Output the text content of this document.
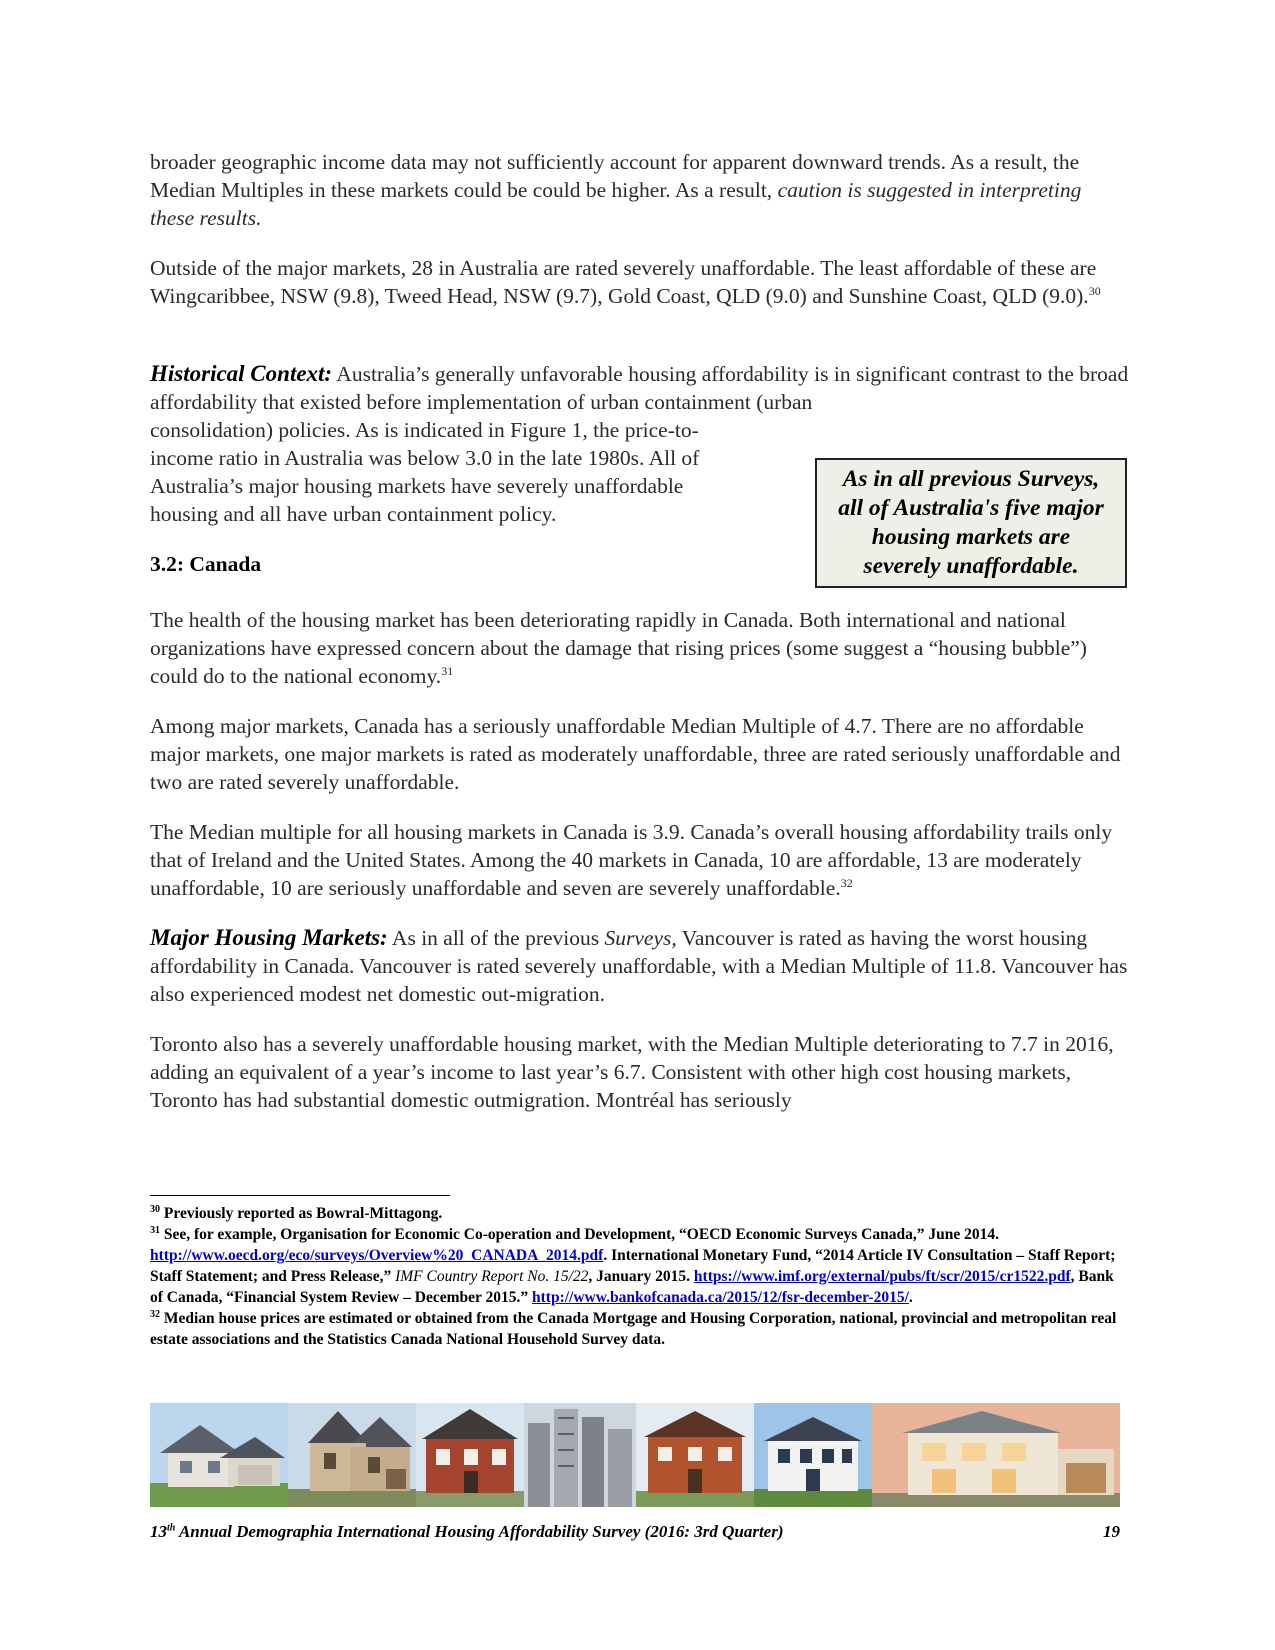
broader geographic income data may not sufficiently account for apparent downward trends. As a result, the Median Multiples in these markets could be could be higher. As a result, caution is suggested in interpreting these results.

Outside of the major markets, 28 in Australia are rated severely unaffordable. The least affordable of these are Wingcaribbee, NSW (9.8), Tweed Head, NSW (9.7), Gold Coast, QLD (9.0) and Sunshine Coast, QLD (9.0).$^{30}$

Historical Context: Australia’s generally unfavorable housing affordability is in significant contrast to the broad affordability that existed before implementation of urban containment (urban

consolidation) policies. As is indicated in Figure 1, the price-to-income ratio in Australia was below 3.0 in the late 1980s. All of Australia’s major housing markets have severely unaffordable housing and all have urban containment policy.

As in all previous Surveys, all of Australia's five major housing markets are severely unaffordable.
3.2: Canada

The health of the housing market has been deteriorating rapidly in Canada. Both international and national organizations have expressed concern about the damage that rising prices (some suggest a “housing bubble”) could do to the national economy.$^{31}$

Among major markets, Canada has a seriously unaffordable Median Multiple of 4.7. There are no affordable major markets, one major markets is rated as moderately unaffordable, three are rated seriously unaffordable and two are rated severely unaffordable.

The Median multiple for all housing markets in Canada is 3.9. Canada’s overall housing affordability trails only that of Ireland and the United States. Among the 40 markets in Canada, 10 are affordable, 13 are moderately unaffordable, 10 are seriously unaffordable and seven are severely unaffordable.$^{32}$

Major Housing Markets: As in all of the previous Surveys, Vancouver is rated as having the worst housing affordability in Canada. Vancouver is rated severely unaffordable, with a Median Multiple of 11.8. Vancouver has also experienced modest net domestic out-migration.

Toronto also has a severely unaffordable housing market, with the Median Multiple deteriorating to 7.7 in 2016, adding an equivalent of a year’s income to last year’s 6.7. Consistent with other high cost housing markets, Toronto has had substantial domestic outmigration. Montréal has seriously

$^{30}$ Previously reported as Bowral-Mittagong.
$^{31}$ See, for example, Organisation for Economic Co-operation and Development, “OECD Economic Surveys Canada,” June 2014. http://www.oecd.org/eco/surveys/Overview%20_CANADA_2014.pdf. International Monetary Fund, “2014 Article IV Consultation – Staff Report; Staff Statement; and Press Release,” IMF Country Report No. 15/22, January 2015. https://www.imf.org/external/pubs/ft/scr/2015/cr1522.pdf, Bank of Canada, “Financial System Review – December 2015.” http://www.bankofcanada.ca/2015/12/fsr-december-2015/.
$^{32}$ Median house prices are estimated or obtained from the Canada Mortgage and Housing Corporation, national, provincial and metropolitan real estate associations and the Statistics Canada National Household Survey data.
13th Annual Demographia International Housing Affordability Survey (2016: 3rd Quarter)	19
